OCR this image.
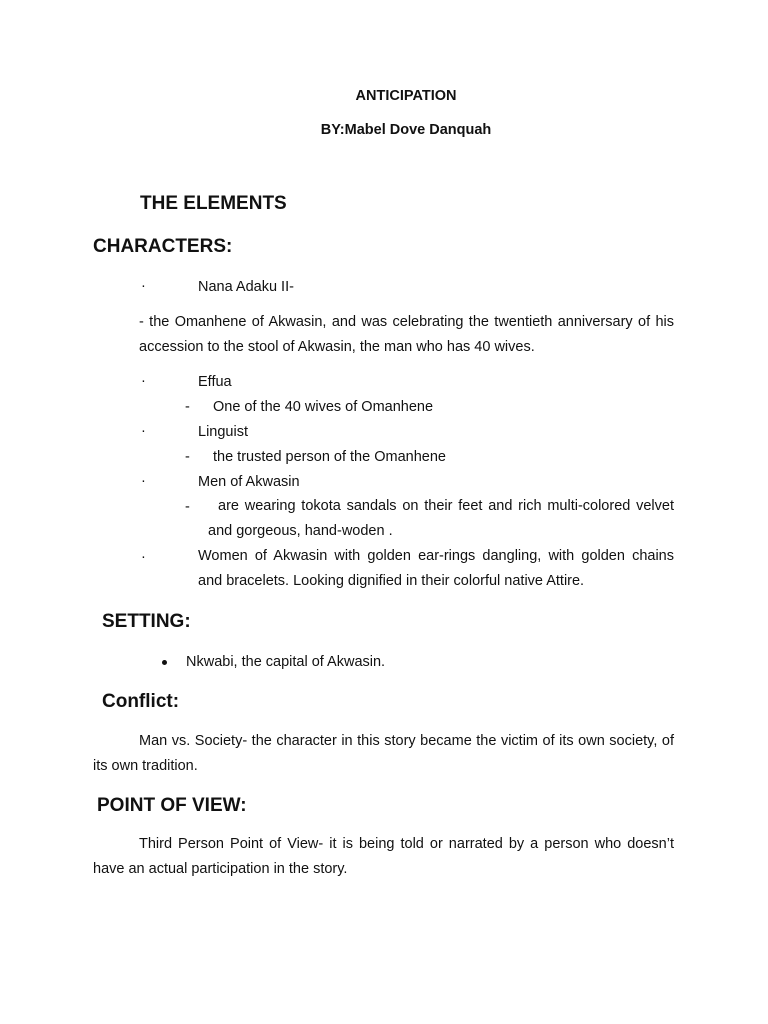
ANTICIPATION

BY:Mabel Dove Danquah

THE ELEMENTS

CHARACTERS:

·	Nana Adaku II-

- the Omanhene of Akwasin, and was celebrating the twentieth anniversary of his accession to the stool of Akwasin, the man who has 40 wives.

·	Effua

- One of the 40 wives of Omanhene

·	Linguist

- the trusted person of the Omanhene

·	Men of Akwasin

-	are wearing tokota sandals on their feet and rich multi-colored velvet and gorgeous, hand-woden .

·	Women of Akwasin with golden ear-rings dangling, with golden chains and bracelets. Looking dignified in their colorful native Attire.

SETTING:

Nkwabi, the capital of Akwasin.

Conflict:

Man vs. Society- the character in this story became the victim of its own society, of its own tradition.

POINT OF VIEW:

Third Person Point of View- it is being told or narrated by a person who doesn’t have an actual participation in the story.
